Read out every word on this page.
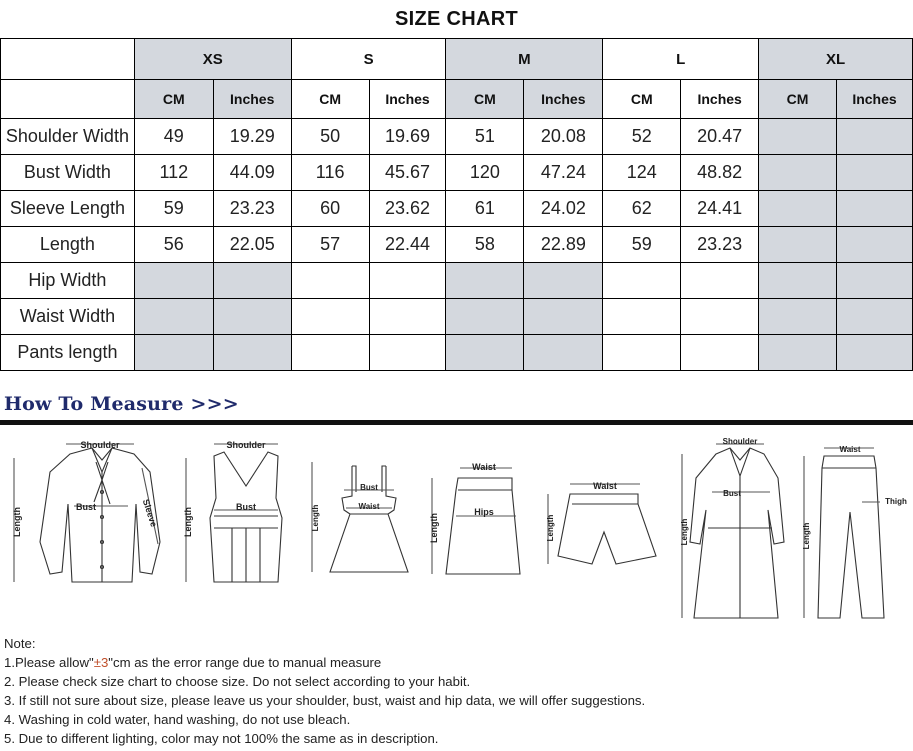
SIZE CHART
	XS		S		M		L		XL	
	CM	Inches	CM	Inches	CM	Inches	CM	Inches	CM	Inches
Shoulder Width	49	19.29	50	19.69	51	20.08	52	20.47		
Bust Width	112	44.09	116	45.67	120	47.24	124	48.82		
Sleeve Length	59	23.23	60	23.62	61	24.02	62	24.41		
Length	56	22.05	57	22.44	58	22.89	59	23.23		
Hip Width										
Waist Width										
Pants length										
How To Measure >>>
Shoulder
Bust
Length	Sleeve
Shoulder
Bust
Length
Bust
Waist
Length
Waist
Hips
Length
Waist
Length
Shoulder
Bust
Length
Waist
Thigh
Length
Note:
1.Please allow"±3"cm as the error range due to manual measure
2. Please check size chart to choose size. Do not select according to your habit.
3. If still not sure about size, please leave us your shoulder, bust, waist and hip data, we will offer suggestions.
4. Washing in cold water, hand washing, do not use bleach.
5. Due to different lighting, color may not 100% the same as in description.
